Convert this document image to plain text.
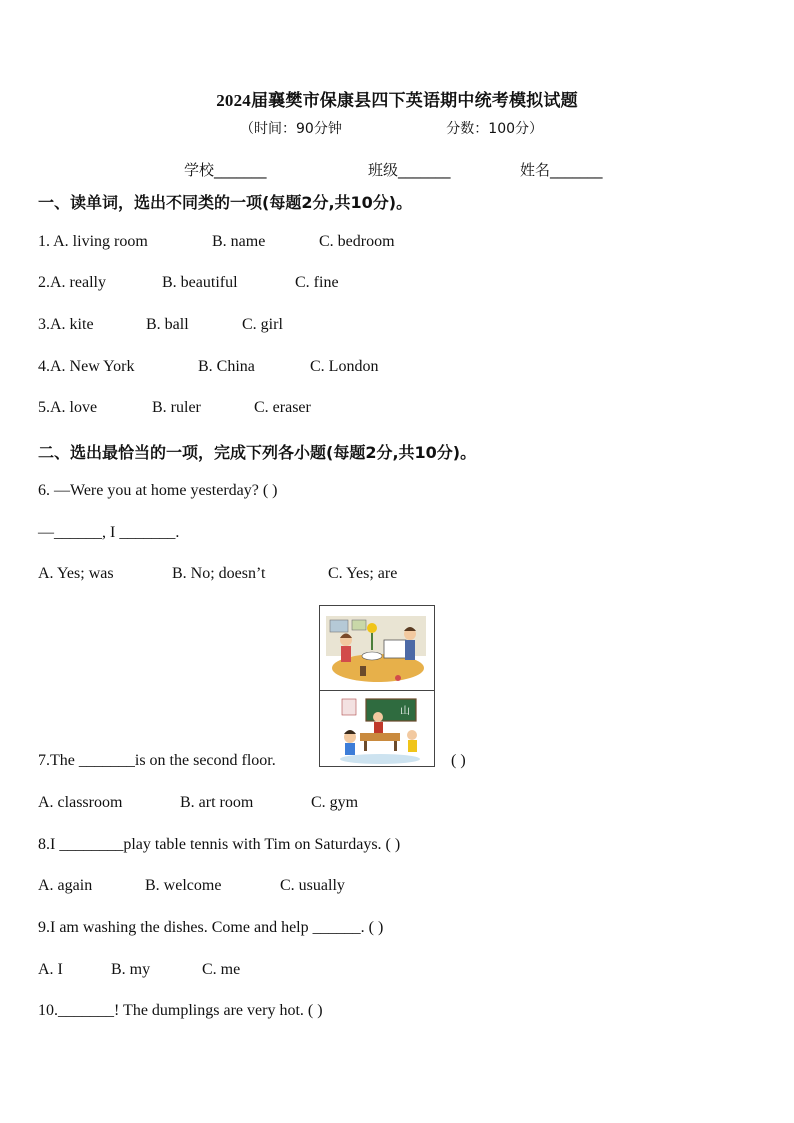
2024届襄樊市保康县四下英语期中统考模拟试题
（时间：90分钟	分数：100分）
学校_______	班级_______	姓名_______
一、读单词，选出不同类的一项(每题2分,共10分)。
1. A. living room	B. name	C. bedroom
2.A. really	B. beautiful	C. fine
3.A. kite	B. ball	C. girl
4.A. New York	B. China	C. London
5.A. love	B. ruler	C. eraser
二、选出最恰当的一项，完成下列各小题(每题2分,共10分)。
6. —Were you at home yesterday? ( )
—______, I _______.
A. Yes; was	B. No; doesn’t	C. Yes; are
山
7.The _______is on the second floor.	( )
A. classroom	B. art room	C. gym
8.I ________play table tennis with Tim on Saturdays. ( )
A. again	B. welcome	C. usually
9.I am washing the dishes. Come and help ______. ( )
A. I	B. my	C. me
10._______! The dumplings are very hot. ( )
